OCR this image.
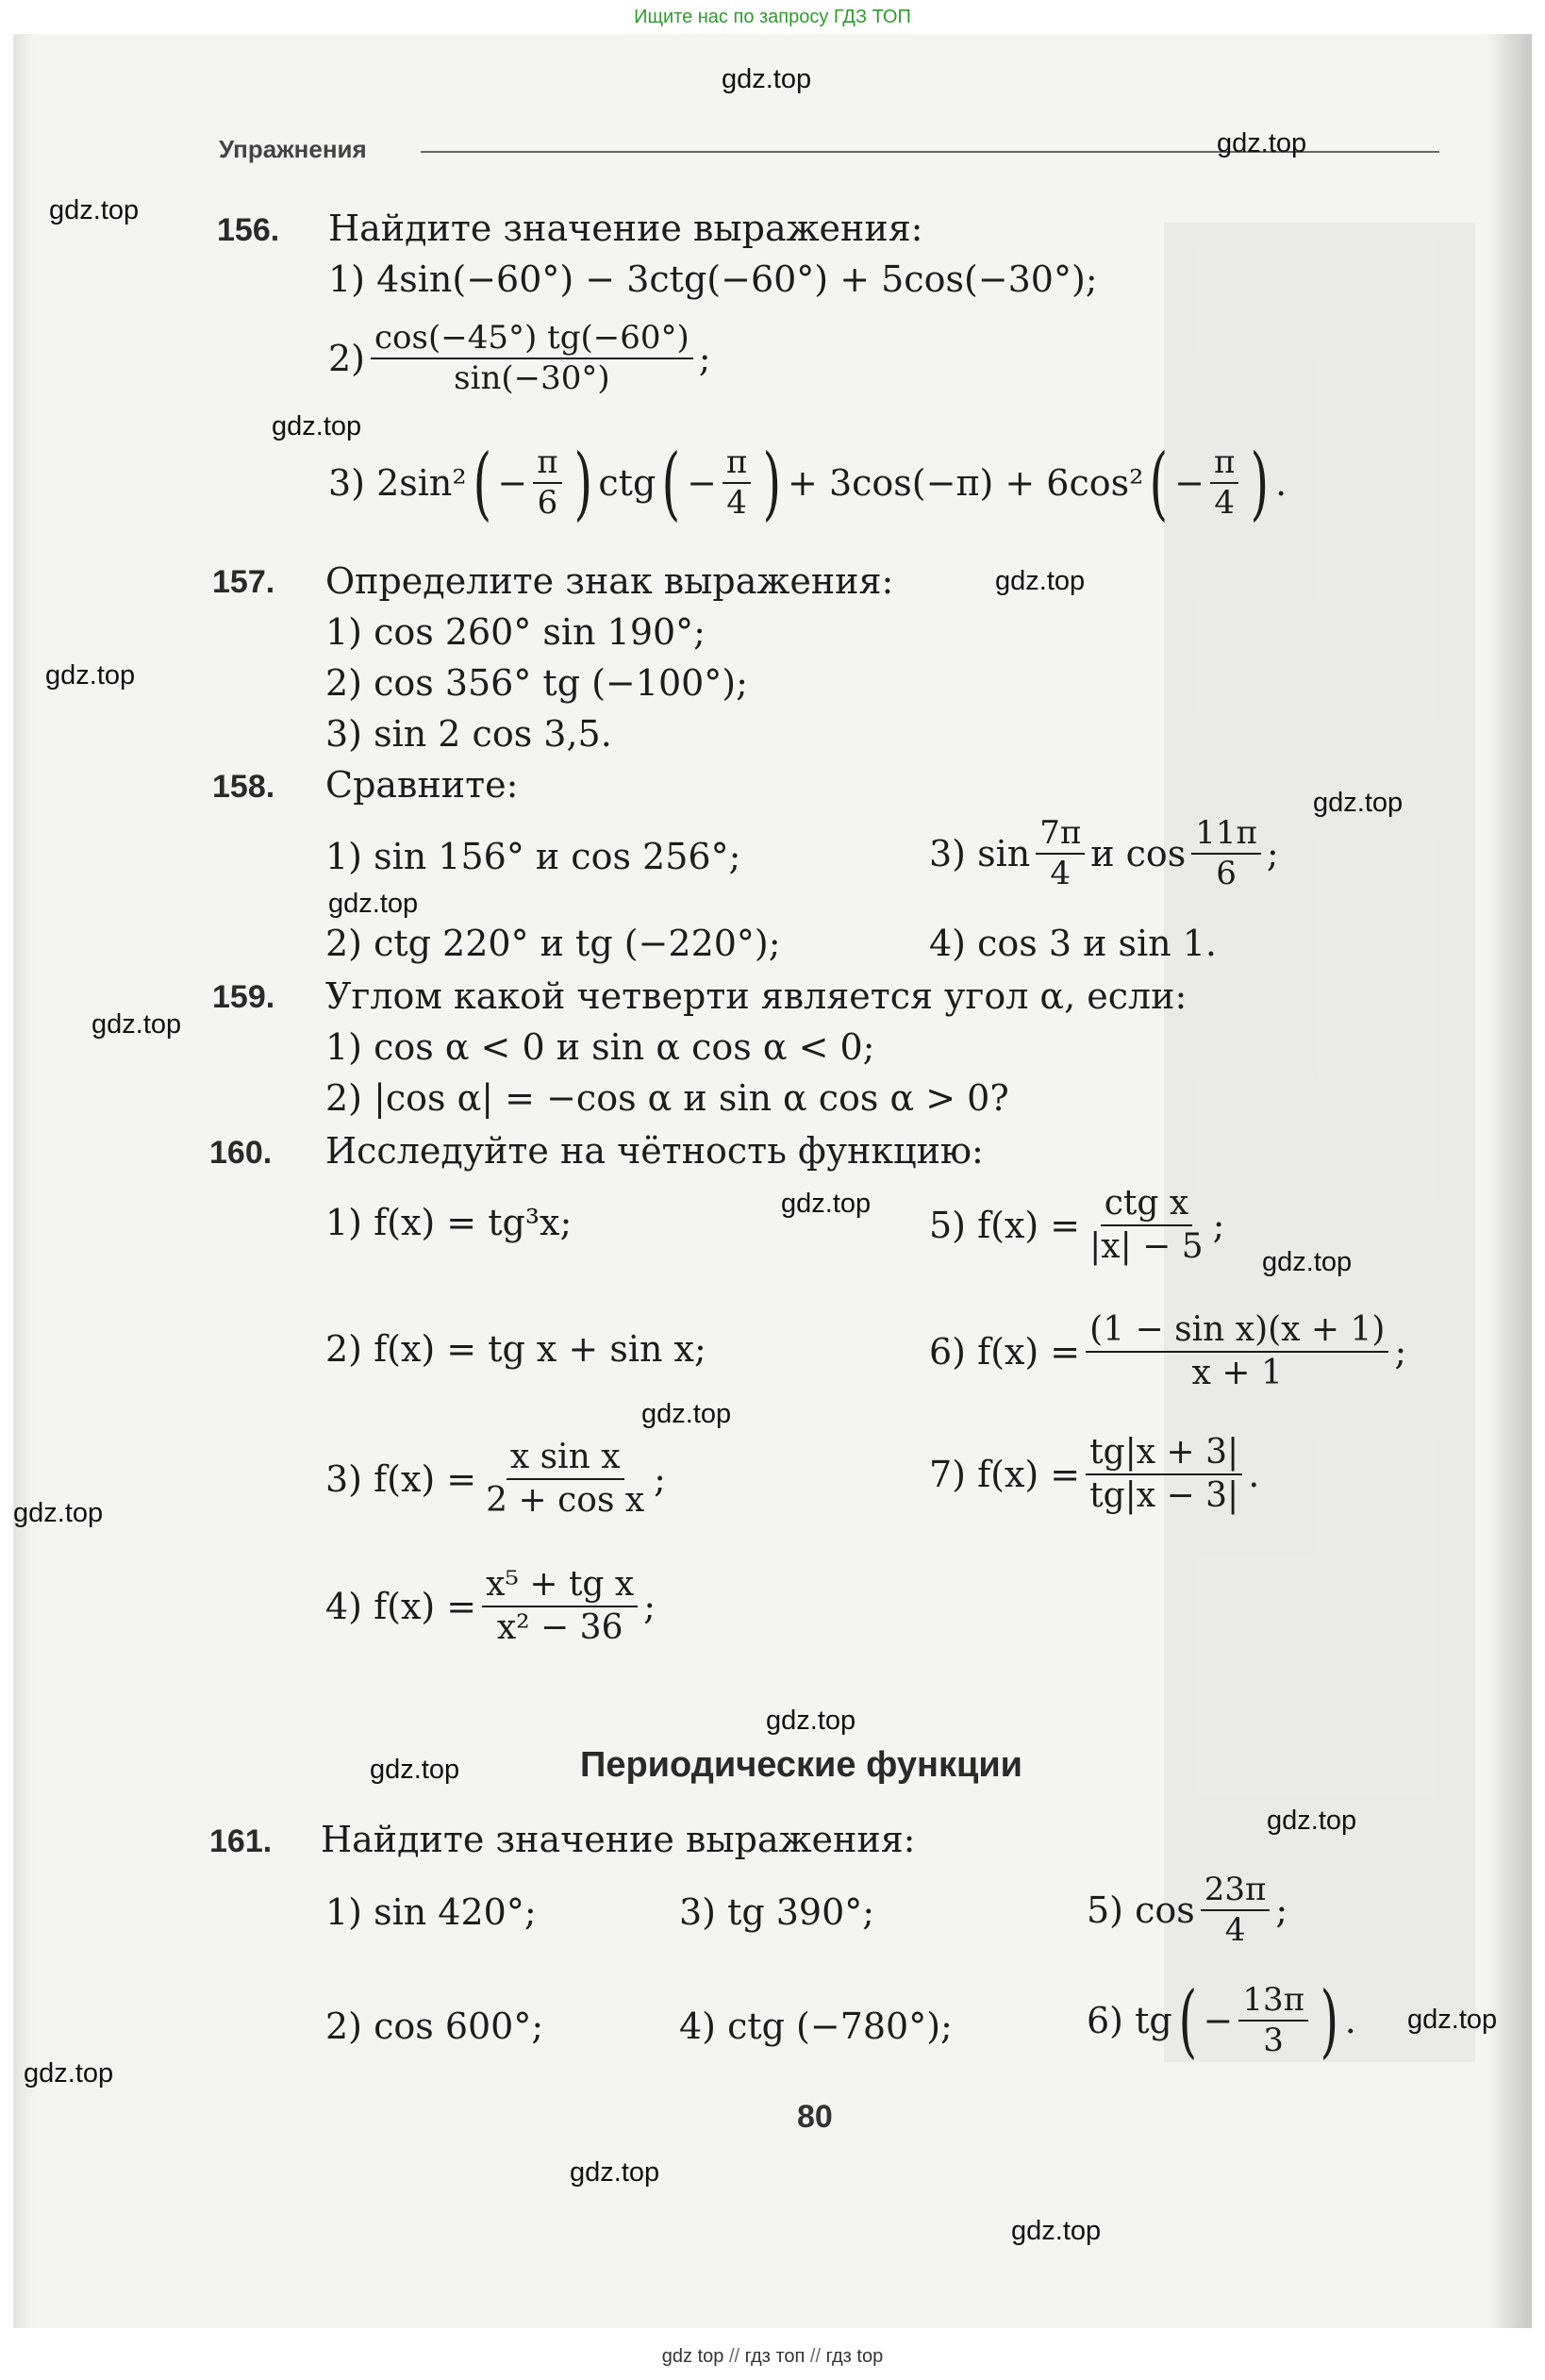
Ищите нас по запросу ГДЗ ТОП
Упражнения
156. Найдите значение выражения:
1) 4sin(−60°) − 3ctg(−60°) + 5cos(−30°);
$2) \frac{\cos(-45^\circ) tg(-60^\circ)}{\sin(-30^\circ)}$ ;
3) 2sin² ( − $\frac{\pi}{6}$ ) ctg ( − $\frac{\pi}{4}$ ) + 3cos(−π) + 6cos² ( − $\frac{\pi}{4}$ ) .
157. Определите знак выражения:
1) cos 260° sin 190°;
2) cos 356° tg (−100°);
3) sin 2 cos 3,5.
158. Сравните:
1) sin 156° и cos 256°;	3) $\sin \frac{7\pi}{4}$ и $\cos \frac{11\pi}{6}$ ;
2) ctg 220° и tg (−220°);	4) cos 3 и sin 1.
159. Углом какой четверти является угол α, если:
1) cos α < 0 и sin α cos α < 0;
2) |cos α| = −cos α и sin α cos α > 0?
160. Исследуйте на чётность функцию:
1) f(x) = tg³x;	5) $f(x) = \frac{\text{ctg x}}{|x| - 5}$ ;
2) f(x) = tg x + sin x;	6) $f(x) = \frac{\text{(1 − sin x)(x + 1)}}{x + 1}$ ;
3) $f(x) = \frac{\text{x sin x}}{\text{2 + cos x}}$ ;	7) $f(x) = \frac{tg|x + 3|}{tg|x - 3|}$ .
4) $f(x) = \frac{\text{x⁵ + tg x}}{\text{x² − 36}}$ ;
Периодические функции
161. Найдите значение выражения:
1) sin 420°;	3) tg 390°;	5) $\cos \frac{23\pi}{4}$ ;
2) cos 600°;	4) ctg (−780°);	6) tg ( − $\frac{13\pi}{3}$ ) .
80
gdz.top
gdz.top
gdz.top
gdz.top
gdz.top
gdz.top
gdz.top
gdz.top
gdz.top
gdz.top
gdz.top
gdz.top
gdz.top
gdz.top
gdz.top
gdz.top
gdz.top
gdz.top
gdz.top
gdz.top
gdz top // гдз топ // гдз top
